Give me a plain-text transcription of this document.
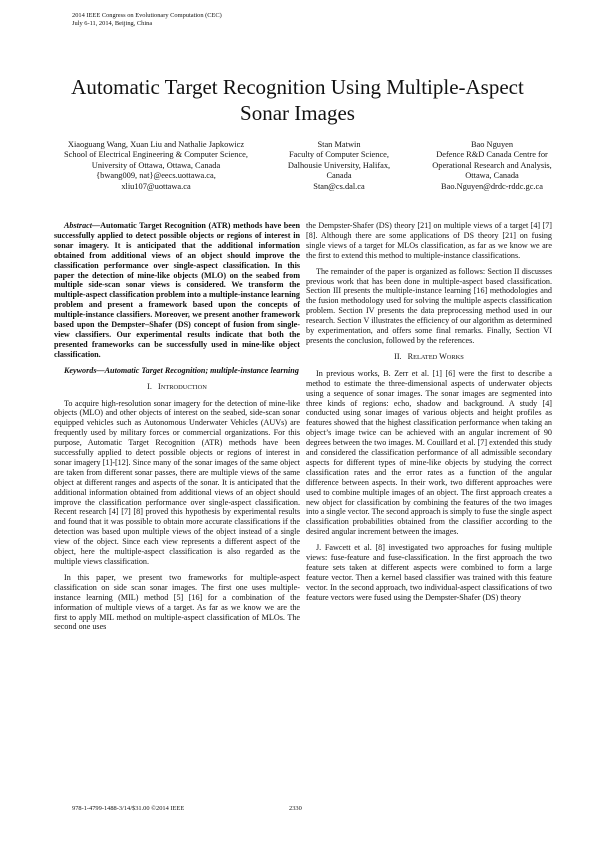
2014 IEEE Congress on Evolutionary Computation (CEC)
July 6-11, 2014, Beijing, China
Automatic Target Recognition Using Multiple-Aspect
Sonar Images
Xiaoguang Wang, Xuan Liu and Nathalie Japkowicz
School of Electrical Engineering & Computer Science,
University of Ottawa, Ottawa, Canada
{bwang009, nat}@eecs.uottawa.ca,
xliu107@uottawa.ca
Stan Matwin
Faculty of Computer Science,
Dalhousie University, Halifax,
Canada
Stan@cs.dal.ca
Bao Nguyen
Defence R&D Canada Centre for
Operational Research and Analysis,
Ottawa, Canada
Bao.Nguyen@drdc-rddc.gc.ca

Abstract—Automatic Target Recognition (ATR) methods have been successfully applied to detect possible objects or regions of interest in sonar imagery. It is anticipated that the additional information obtained from additional views of an object should improve the classification performance over single-aspect classification. In this paper the detection of mine-like objects (MLO) on the seabed from multiple side-scan sonar views is considered. We transform the multiple-aspect classification problem into a multiple-instance learning problem and present a framework based upon the concepts of multiple-instance classifiers. Moreover, we present another framework based upon the Dempster–Shafer (DS) concept of fusion from single-view classifiers. Our experimental results indicate that both the presented frameworks can be successfully used in mine-like object classification.

Keywords—Automatic Target Recognition; multiple-instance learning

I. INTRODUCTION

To acquire high-resolution sonar imagery for the detection of mine-like objects (MLO) and other objects of interest on the seabed, side-scan sonar equipped vehicles such as Autonomous Underwater Vehicles (AUVs) are frequently used by military forces or commercial organizations. For this purpose, Automatic Target Recognition (ATR) methods have been successfully applied to detect possible objects or regions of interest in sonar imagery [1]-[12]. Since many of the sonar images of the same object are taken from different sonar passes, there are multiple views of the same object at different ranges and aspects of the sonar. It is anticipated that the additional information obtained from additional views of an object should improve the classification performance over single-aspect classification. Recent research [4] [7] [8] proved this hypothesis by experimental results and found that it was possible to obtain more accurate classifications if the detection was based upon multiple views of the object instead of a single view of the object. Since each view represents a different aspect of the object, here the multiple-aspect classification is also regarded as the multiple views classification.

In this paper, we present two frameworks for multiple-aspect classification on side scan sonar images. The first one uses multiple-instance learning (MIL) method [5] [16] for a combination of the information of multiple views of a target. As far as we know we are the first to apply MIL method on multiple-aspect classification of MLOs. The second one uses

the Dempster-Shafer (DS) theory [21] on multiple views of a target [4] [7] [8]. Although there are some applications of DS theory [21] on fusing single views of a target for MLOs classification, as far as we know we are the first to extend this method to multiple-instance classifications.

The remainder of the paper is organized as follows: Section II discusses previous work that has been done in multiple-aspect based classification. Section III presents the multiple-instance learning [16] methodologies and the fusion methodology used for solving the multiple aspects classification problem. Section IV presents the data preprocessing method used in our research. Section V illustrates the efficiency of our algorithm as determined by experimentation, and offers some final remarks. Finally, Section VI presents the conclusion, followed by the references.

II. RELATED WORKS

In previous works, B. Zerr et al. [1] [6] were the first to describe a method to estimate the three-dimensional aspects of underwater objects using a sequence of sonar images. The sonar images are segmented into three kinds of regions: echo, shadow and background. A study [4] conducted using sonar images of various objects and height profiles as features showed that the highest classification performance when taking an object’s image twice can be achieved with an angular increment of 90 degrees between the two images. M. Couillard et al. [7] extended this study and considered the classification performance of all admissible secondary aspects for different types of mine-like objects by studying the correct classification rates and the error rates as a function of the angular difference between aspects. In their work, two different approaches were used to combine multiple images of an object. The first approach creates a new object for classification by combining the features of the two images into a single vector. The second approach is simply to fuse the single aspect classification probabilities obtained from the classifier according to the desired angular increment between the images.

J. Fawcett et al. [8] investigated two approaches for fusing multiple views: fuse-feature and fuse-classification. In the first approach the two feature sets taken at different aspects were combined to form a large feature vector. Then a kernel based classifier was trained with this feature vector. In the second approach, two individual-aspect classifications of two feature vectors were fused using the Dempster-Shafer (DS) theory

978-1-4799-1488-3/14/$31.00 ©2014 IEEE	2330
